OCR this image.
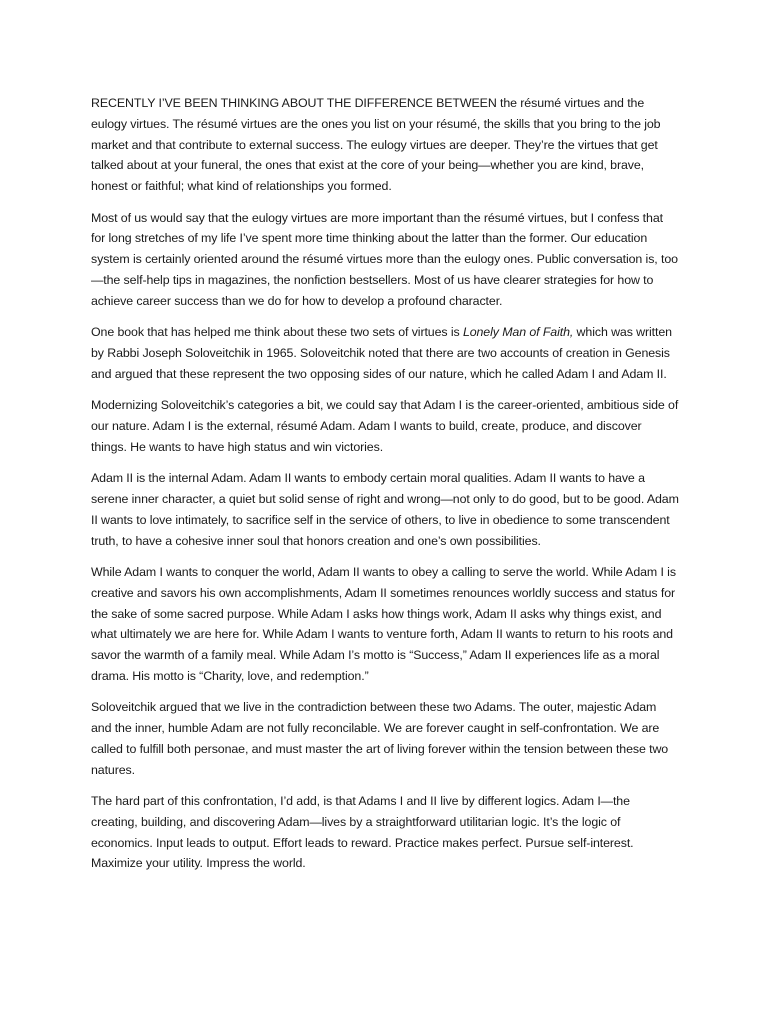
RECENTLY I’VE BEEN THINKING ABOUT THE DIFFERENCE BETWEEN the résumé virtues and the eulogy virtues. The résumé virtues are the ones you list on your résumé, the skills that you bring to the job market and that contribute to external success. The eulogy virtues are deeper. They’re the virtues that get talked about at your funeral, the ones that exist at the core of your being—whether you are kind, brave, honest or faithful; what kind of relationships you formed.

Most of us would say that the eulogy virtues are more important than the résumé virtues, but I confess that for long stretches of my life I’ve spent more time thinking about the latter than the former. Our education system is certainly oriented around the résumé virtues more than the eulogy ones. Public conversation is, too—the self-help tips in magazines, the nonfiction bestsellers. Most of us have clearer strategies for how to achieve career success than we do for how to develop a profound character.

One book that has helped me think about these two sets of virtues is Lonely Man of Faith, which was written by Rabbi Joseph Soloveitchik in 1965. Soloveitchik noted that there are two accounts of creation in Genesis and argued that these represent the two opposing sides of our nature, which he called Adam I and Adam II.

Modernizing Soloveitchik’s categories a bit, we could say that Adam I is the career-oriented, ambitious side of our nature. Adam I is the external, résumé Adam. Adam I wants to build, create, produce, and discover things. He wants to have high status and win victories.

Adam II is the internal Adam. Adam II wants to embody certain moral qualities. Adam II wants to have a serene inner character, a quiet but solid sense of right and wrong—not only to do good, but to be good. Adam II wants to love intimately, to sacrifice self in the service of others, to live in obedience to some transcendent truth, to have a cohesive inner soul that honors creation and one’s own possibilities.

While Adam I wants to conquer the world, Adam II wants to obey a calling to serve the world. While Adam I is creative and savors his own accomplishments, Adam II sometimes renounces worldly success and status for the sake of some sacred purpose. While Adam I asks how things work, Adam II asks why things exist, and what ultimately we are here for. While Adam I wants to venture forth, Adam II wants to return to his roots and savor the warmth of a family meal. While Adam I’s motto is “Success,” Adam II experiences life as a moral drama. His motto is “Charity, love, and redemption.”

Soloveitchik argued that we live in the contradiction between these two Adams. The outer, majestic Adam and the inner, humble Adam are not fully reconcilable. We are forever caught in self-confrontation. We are called to fulfill both personae, and must master the art of living forever within the tension between these two natures.

The hard part of this confrontation, I’d add, is that Adams I and II live by different logics. Adam I—the creating, building, and discovering Adam—lives by a straightforward utilitarian logic. It’s the logic of economics. Input leads to output. Effort leads to reward. Practice makes perfect. Pursue self-interest. Maximize your utility. Impress the world.
